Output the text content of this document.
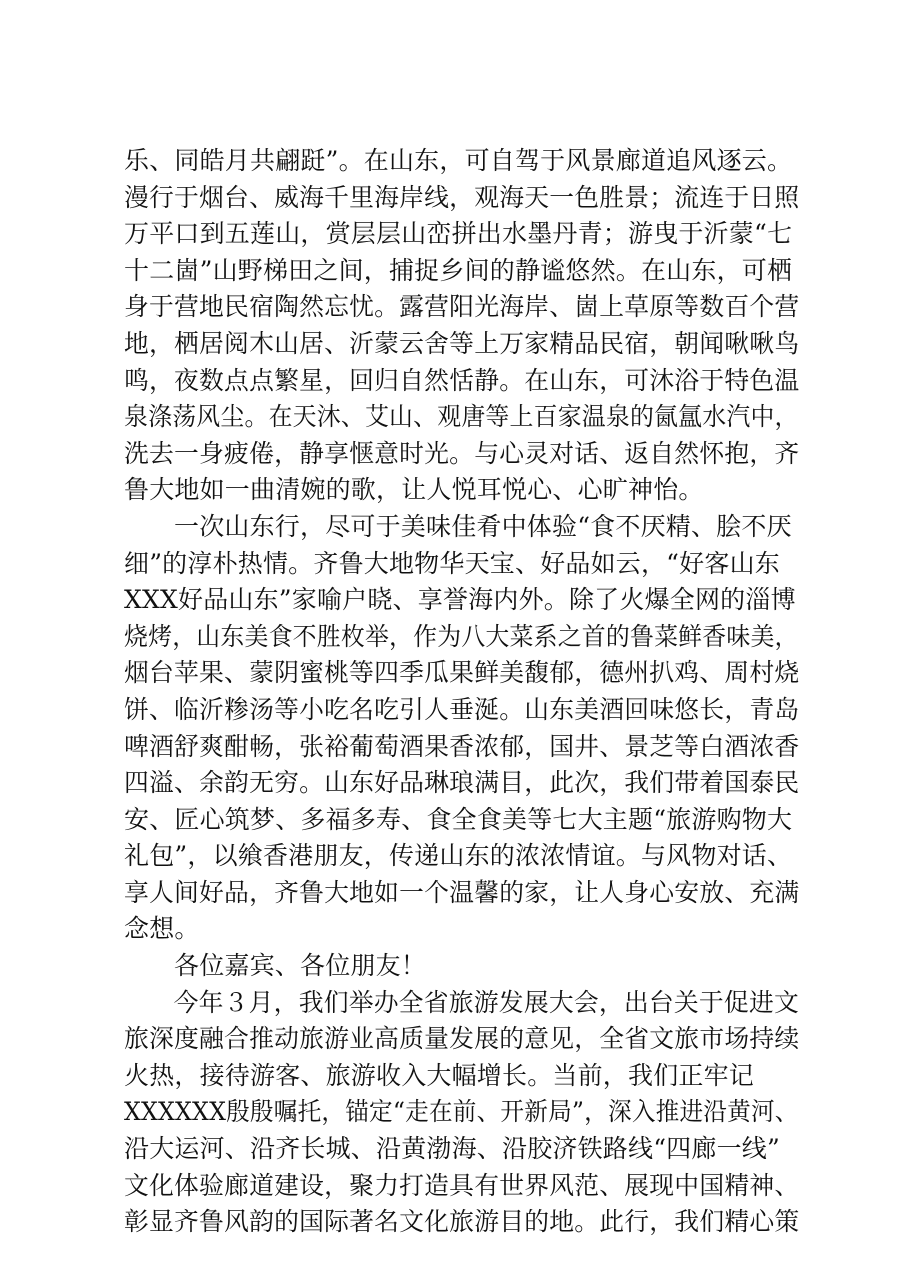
乐、同皓月共翩跹”。在山东，可自驾于风景廊道追风逐云。
漫行于烟台、威海千里海岸线，观海天一色胜景；流连于日照
万平口到五莲山，赏层层山峦拼出水墨丹青；游曳于沂蒙“七
十二崮”山野梯田之间，捕捉乡间的静谧悠然。在山东，可栖
身于营地民宿陶然忘忧。露营阳光海岸、崮上草原等数百个营
地，栖居阅木山居、沂蒙云舍等上万家精品民宿，朝闻啾啾鸟
鸣，夜数点点繁星，回归自然恬静。在山东，可沐浴于特色温
泉涤荡风尘。在天沐、艾山、观唐等上百家温泉的氤氲水汽中，
洗去一身疲倦，静享惬意时光。与心灵对话、返自然怀抱，齐
鲁大地如一曲清婉的歌，让人悦耳悦心、心旷神怡。
一次山东行，尽可于美味佳肴中体验“食不厌精、脍不厌
细”的淳朴热情。齐鲁大地物华天宝、好品如云，“好客山东
XXX好品山东”家喻户晓、享誉海内外。除了火爆全网的淄博
烧烤，山东美食不胜枚举，作为八大菜系之首的鲁菜鲜香味美，
烟台苹果、蒙阴蜜桃等四季瓜果鲜美馥郁，德州扒鸡、周村烧
饼、临沂糁汤等小吃名吃引人垂涎。山东美酒回味悠长，青岛
啤酒舒爽酣畅，张裕葡萄酒果香浓郁，国井、景芝等白酒浓香
四溢、余韵无穷。山东好品琳琅满目，此次，我们带着国泰民
安、匠心筑梦、多福多寿、食全食美等七大主题“旅游购物大
礼包”，以飨香港朋友，传递山东的浓浓情谊。与风物对话、
享人间好品，齐鲁大地如一个温馨的家，让人身心安放、充满
念想。
各位嘉宾、各位朋友！
今年３月，我们举办全省旅游发展大会，出台关于促进文
旅深度融合推动旅游业高质量发展的意见，全省文旅市场持续
火热，接待游客、旅游收入大幅增长。当前，我们正牢记
XXXXXX殷殷嘱托，锚定“走在前、开新局”，深入推进沿黄河、
沿大运河、沿齐长城、沿黄渤海、沿胶济铁路线“四廊一线”
文化体验廊道建设，聚力打造具有世界风范、展现中国精神、
彰显齐鲁风韵的国际著名文化旅游目的地。此行，我们精心策
